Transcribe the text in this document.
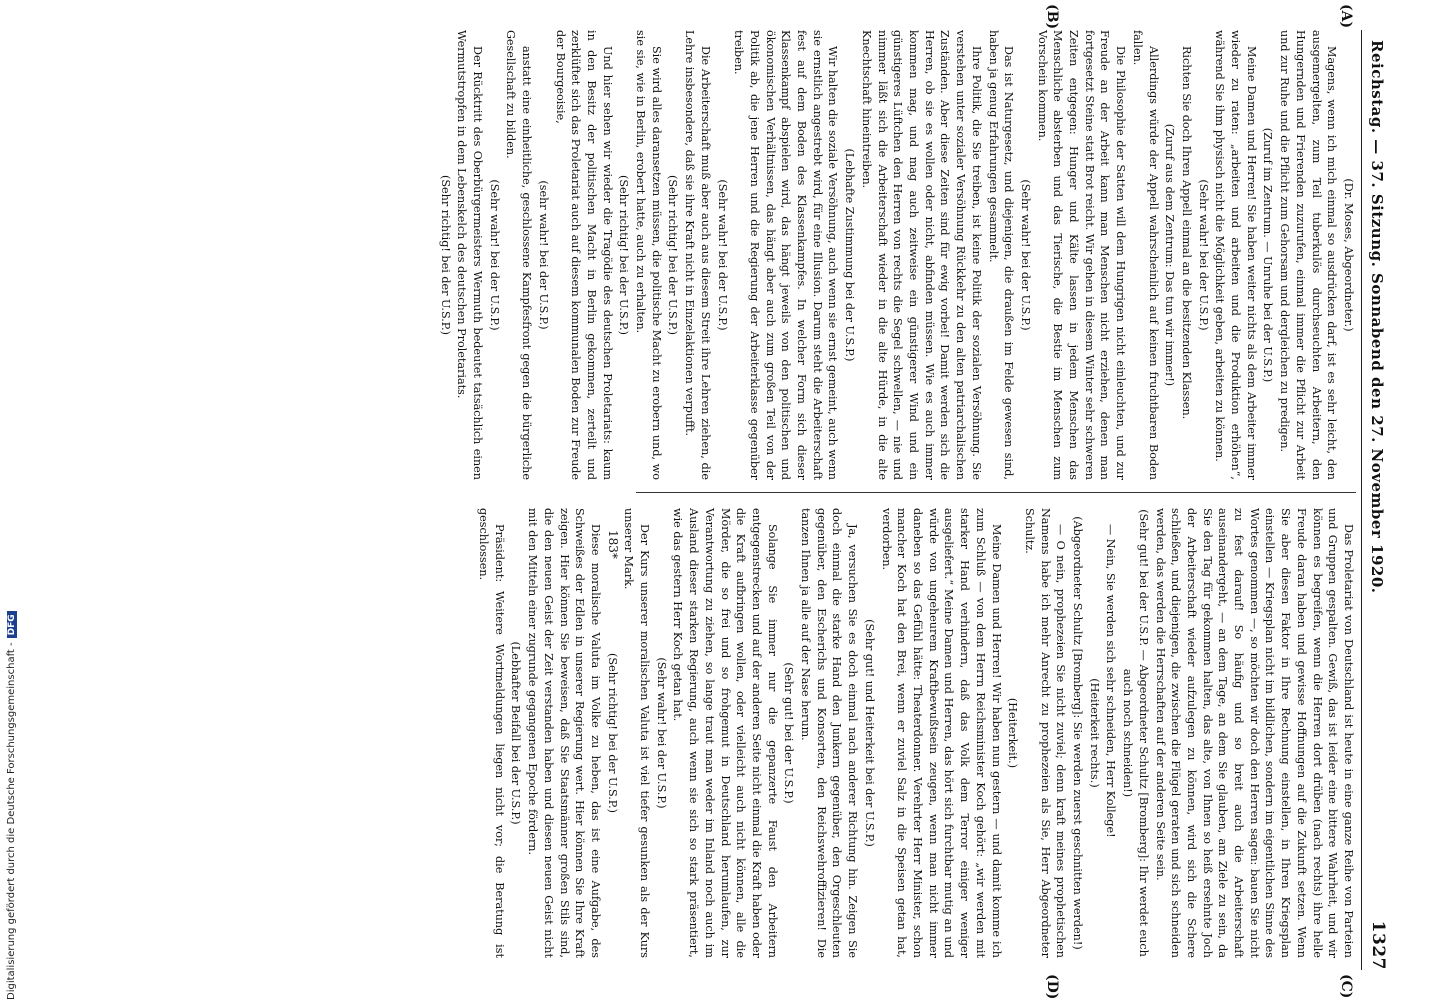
Digitalisierung gefördert durch die Deutsche Forschungsgemeinschaft -DFG
Reichstag. — 37. Sitzung. Sonnabend den 27. November 1920.
1327
(A)
(B)
(C)
(D)

(Dr. Moses, Abgeordneter.)

Magens, wenn ich mich einmal so ausdrücken darf, ist es sehr leicht, den ausgemergelten, zum Teil tuberkulös durchseuchten Arbeitern, den Hungernden und Frierenden zuzurufen, einmal immer die Pflicht zur Arbeit und zur Ruhe und die Pflicht zum Gehorsam und dergleichen zu predigen.

(Zuruf im Zentrum. — Unruhe bei der U.S.P.)

Meine Damen und Herren! Sie haben weiter nichts als dem Arbeiter immer wieder zu raten: „arbeiten und arbeiten und die Produktion erhöhen“, während Sie ihm physisch nicht die Möglichkeit geben, arbeiten zu können.

(Sehr wahr! bei der U.S.P.)

Richten Sie doch Ihren Appell einmal an die besitzenden Klassen.

(Zuruf aus dem Zentrum: Das tun wir immer!)

Allerdings würde der Appell wahrscheinlich auf keinen fruchtbaren Boden fallen.

Die Philosophie der Satten will dem Hungrigen nicht einleuchten, und zur Freude an der Arbeit kann man Menschen nicht erziehen, denen man fortgesetzt Steine statt Brot reicht. Wir gehen in diesem Winter sehr schweren Zeiten entgegen: Hunger und Kälte lassen in jedem Menschen das Menschliche absterben und das Tierische, die Bestie im Menschen zum Vorschein kommen.

(Sehr wahr! bei der U.S.P.)

Das ist Naturgesetz, und diejenigen, die draußen im Felde gewesen sind, haben ja genug Erfahrungen gesammelt.

Ihre Politik, die Sie treiben, ist keine Politik der sozialen Versöhnung. Sie verstehen unter sozialer Versöhnung Rückkehr zu den alten patriarchalischen Zuständen. Aber diese Zeiten sind für ewig vorbei! Damit werden sich die Herren, ob sie es wollen oder nicht, abfinden müssen. Wie es auch immer kommen mag, und mag auch zeitweise ein günstigerer Wind und ein günstigeres Lüftchen den Herren von rechts die Segel schwellen, — nie und nimmer läßt sich die Arbeiterschaft wieder in die alte Hürde, in die alte Knechtschaft hineintreiben.

(Lebhafte Zustimmung bei der U.S.P.)

Wir halten die soziale Versöhnung, auch wenn sie ernst gemeint, auch wenn sie ernstlich angestrebt wird, für eine Illusion. Darum steht die Arbeiterschaft fest auf dem Boden des Klassenkampfes. In welcher Form sich dieser Klassenkampf abspielen wird, das hängt jeweils von den politischen und ökonomischen Verhältnissen, das hängt aber auch zum großen Teil von der Politik ab, die jene Herren und die Regierung der Arbeiterklasse gegenüber treiben.

(Sehr wahr! bei der U.S.P.)

Die Arbeiterschaft muß aber auch aus diesem Streit ihre Lehren ziehen, die Lehre insbesondere, daß sie ihre Kraft nicht in Einzelaktionen verpufft.

(Sehr richtig! bei der U.S.P.)

Sie wird alles daransetzen müssen, die politische Macht zu erobern und, wo sie sie, wie in Berlin, erobert hatte, auch zu erhalten.

(Sehr richtig! bei der U.S.P.)

Und hier sehen wir wieder die Tragödie des deutschen Proletariats: kaum in den Besitz der politischen Macht in Berlin gekommen, zerteilt und zerklüftet sich das Proletariat auch auf diesem kommunalen Boden zur Freude der Bourgeoisie,

(sehr wahr! bei der U.S.P.)

anstatt eine einheitliche, geschlossene Kampfesfront gegen die bürgerliche Gesellschaft zu bilden.

(Sehr wahr! bei der U.S.P.)

Der Rücktritt des Oberbürgermeisters Wermuth bedeutet tatsächlich einen Wermutstropfen in dem Lebenskelch des deutschen Proletariats.

(Sehr richtig! bei der U.S.P.)

Das Proletariat von Deutschland ist heute in eine ganze Reihe von Parteien und Gruppen gespalten. Gewiß, das ist leider eine bittere Wahrheit, und wir können es begreifen, wenn die Herren dort drüben (nach rechts) ihre helle Freude daran haben und gewisse Hoffnungen auf die Zukunft setzen. Wenn Sie aber diesen Faktor in Ihre Rechnung einstellen, in Ihren Kriegsplan einstellen — Kriegsplan nicht im bildlichen, sondern im eigentlichen Sinne des Wortes genommen —, so möchten wir doch den Herren sagen: bauen Sie nicht zu fest darauf! So häufig und so breit auch die Arbeiterschaft auseinandergeht, — an dem Tage, an dem Sie glauben, am Ziele zu sein, da Sie den Tag für gekommen halten, das alte, von Ihnen so heiß ersehnte Joch der Arbeiterschaft wieder aufzulegen zu können, wird sich die Schere schließen, und diejenigen, die zwischen die Flügel geraten und sich schneiden werden, das werden die Herrschaften auf der anderen Seite sein.

(Sehr gut! bei der U.S.P. — Abgeordneter Schultz [Bromberg]: Ihr werdet euch auch noch schneiden!)

— Nein, Sie werden sich sehr schneiden, Herr Kollege!

(Heiterkeit rechts.)

(Abgeordneter Schultz [Bromberg]: Sie werden zuerst geschnitten werden!)

— O nein, prophezeien Sie nicht zuviel; denn kraft meines prophetischen Namens habe ich mehr Anrecht zu prophezeien als Sie, Herr Abgeordneter Schultz.

(Heiterkeit.)

Meine Damen und Herren! Wir haben nun gestern — und damit komme ich zum Schluß — von dem Herrn Reichsminister Koch gehört: „wir werden mit starker Hand verhindern, daß das Volk dem Terror einiger weniger ausgeliefert.“ Meine Damen und Herren, das hört sich furchtbar mutig an und würde von ungeheurem Kraftbewußtsein zeugen, wenn man nicht immer daneben so das Gefühl hätte: Theaterdonner. Verehrter Herr Minister, schon mancher Koch hat den Brei, wenn er zuviel Salz in die Speisen getan hat, verdorben.

(Sehr gut! und Heiterkeit bei der U.S.P.)

Ja, versuchen Sie es doch einmal nach anderer Richtung hin. Zeigen Sie doch einmal die starke Hand den Junkern gegenüber, den Orgeschleuten gegenüber, den Escherichs und Konsorten, den Reichswehroffizieren! Die tanzen Ihnen ja alle auf der Nase herum.

(Sehr gut! bei der U.S.P.)

Solange Sie immer nur die gepanzerte Faust den Arbeitern entgegenstrecken und auf der anderen Seite nicht einmal die Kraft haben oder die Kraft aufbringen wollen, oder vielleicht auch nicht können, alle die Mörder, die so frei und so frohgemut in Deutschland herumlaufen, zur Verantwortung zu ziehen, so lange traut man weder im Inland noch auch im Ausland dieser starken Regierung, auch wenn sie sich so stark präsentiert, wie das gestern Herr Koch getan hat.

(Sehr wahr! bei der U.S.P.)

Der Kurs unserer moralischen Valuta ist viel tiefer gesunken als der Kurs unserer Mark.

(Sehr richtig! bei der U.S.P.)

Diese moralische Valuta im Volke zu heben, das ist eine Aufgabe, des Schweißes der Edlen in unserer Regierung wert. Hier können Sie Ihre Kraft zeigen. Hier können Sie beweisen, daß Sie Staatsmänner großen Stils sind, die den neuen Geist der Zeit verstanden haben und diesen neuen Geist nicht mit den Mitteln einer zugrunde gegangenen Epoche fördern.

(Lebhafter Beifall bei der U.S.P.)

Präsident: Weitere Wortmeldungen liegen nicht vor; die Beratung ist geschlossen.	183*
